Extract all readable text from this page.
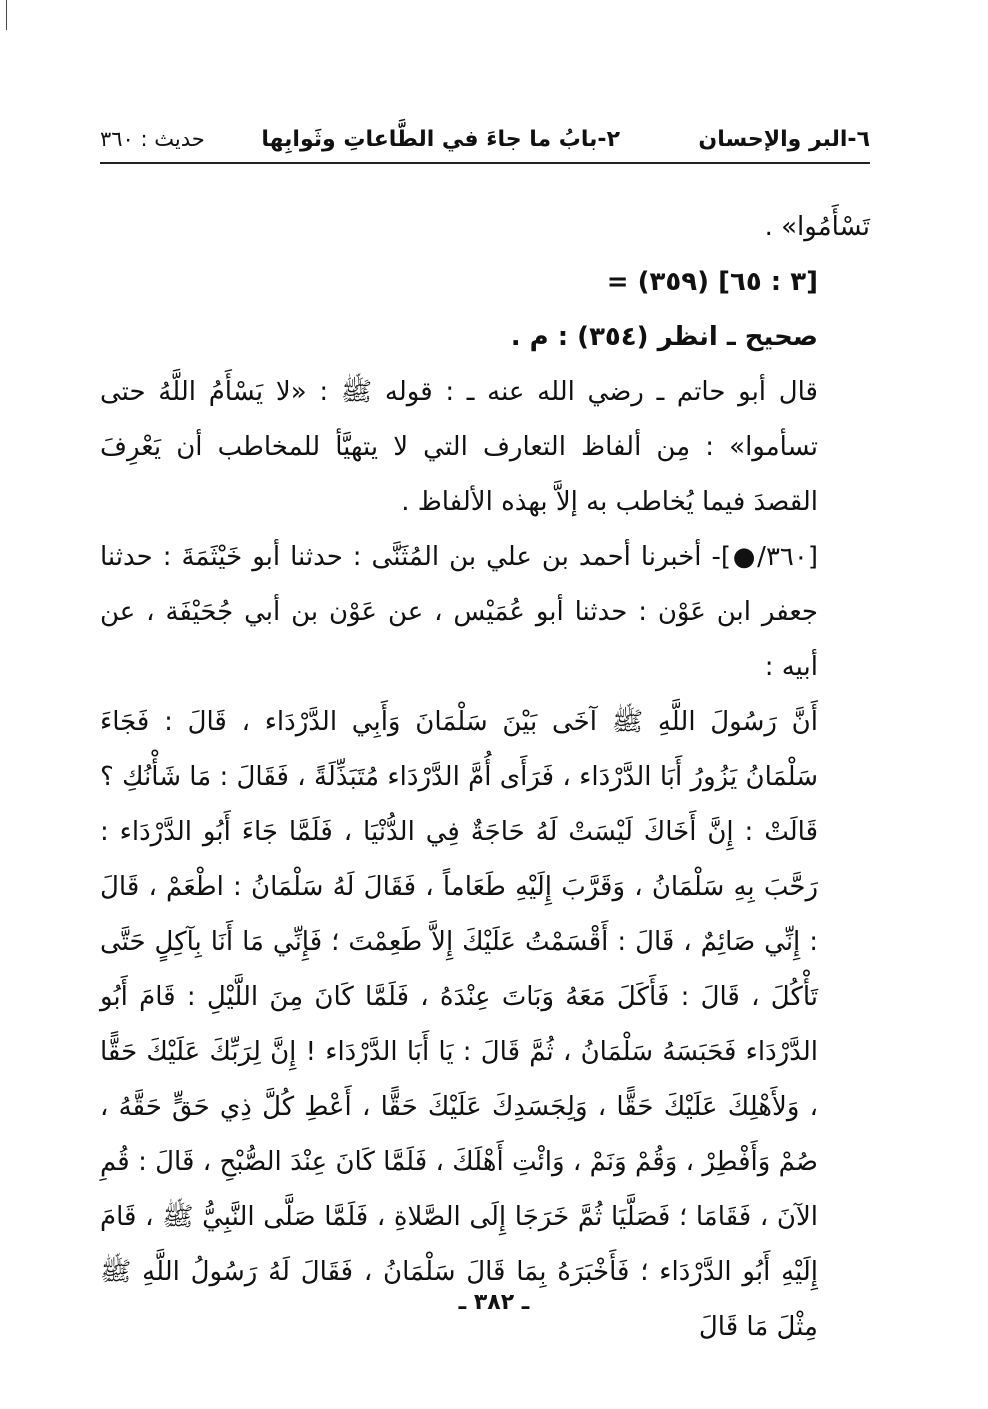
٦-البر والإحسان
٢-بابُ ما جاءَ في الطَّاعاتِ وثَوابِها
حديث : ٣٦٠

تَسْأَمُوا» .

= (٣٥٩) [٣ : ٦٥]

صحيح ـ انظر (٣٥٤) : م .

قال أبو حاتم ـ رضي الله عنه ـ : قوله ﷺ : «لا يَسْأَمُ اللَّهُ حتى تسأموا» : مِن ألفاظ التعارف التي لا يتهيَّأ للمخاطب أن يَعْرِفَ القصدَ فيما يُخاطب به إلاَّ بهذه الألفاظ .

[٣٦٠/●]- أخبرنا أحمد بن علي بن المُثَنَّى : حدثنا أبو خَيْثَمَةَ : حدثنا جعفر ابن عَوْن : حدثنا أبو عُمَيْس ، عن عَوْن بن أبي جُحَيْفَة ، عن أبيه :

أَنَّ رَسُولَ اللَّهِ ﷺ آخَى بَيْنَ سَلْمَانَ وَأَبِي الدَّرْدَاء ، قَالَ : فَجَاءَ سَلْمَانُ يَزُورُ أَبَا الدَّرْدَاء ، فَرَأَى أُمَّ الدَّرْدَاء مُتَبَذِّلَةً ، فَقَالَ : مَا شَأْنُكِ ؟ قَالَتْ : إِنَّ أَخَاكَ لَيْسَتْ لَهُ حَاجَةٌ فِي الدُّنْيَا ، فَلَمَّا جَاءَ أَبُو الدَّرْدَاء : رَحَّبَ بِهِ سَلْمَانُ ، وَقَرَّبَ إِلَيْهِ طَعَاماً ، فَقَالَ لَهُ سَلْمَانُ : اطْعَمْ ، قَالَ : إِنِّي صَائِمٌ ، قَالَ : أَقْسَمْتُ عَلَيْكَ إِلاَّ طَعِمْتَ ؛ فَإِنِّي مَا أَنَا بِآكِلٍ حَتَّى تَأْكُلَ ، قَالَ : فَأَكَلَ مَعَهُ وَبَاتَ عِنْدَهُ ، فَلَمَّا كَانَ مِنَ اللَّيْلِ : قَامَ أَبُو الدَّرْدَاء فَحَبَسَهُ سَلْمَانُ ، ثُمَّ قَالَ : يَا أَبَا الدَّرْدَاء ! إِنَّ لِرَبِّكَ عَلَيْكَ حَقًّا ، وَلأَهْلِكَ عَلَيْكَ حَقًّا ، وَلِجَسَدِكَ عَلَيْكَ حَقًّا ، أَعْطِ كُلَّ ذِي حَقٍّ حَقَّهُ ، صُمْ وَأَفْطِرْ ، وَقُمْ وَنَمْ ، وَائْتِ أَهْلَكَ ، فَلَمَّا كَانَ عِنْدَ الصُّبْحِ ، قَالَ : قُمِ الآنَ ، فَقَامَا ؛ فَصَلَّيَا ثُمَّ خَرَجَا إِلَى الصَّلاةِ ، فَلَمَّا صَلَّى النَّبِيُّ ﷺ ، قَامَ إِلَيْهِ أَبُو الدَّرْدَاء ؛ فَأَخْبَرَهُ بِمَا قَالَ سَلْمَانُ ، فَقَالَ لَهُ رَسُولُ اللَّهِ ﷺ مِثْلَ مَا قَالَ

ـ ٣٨٢ ـ
